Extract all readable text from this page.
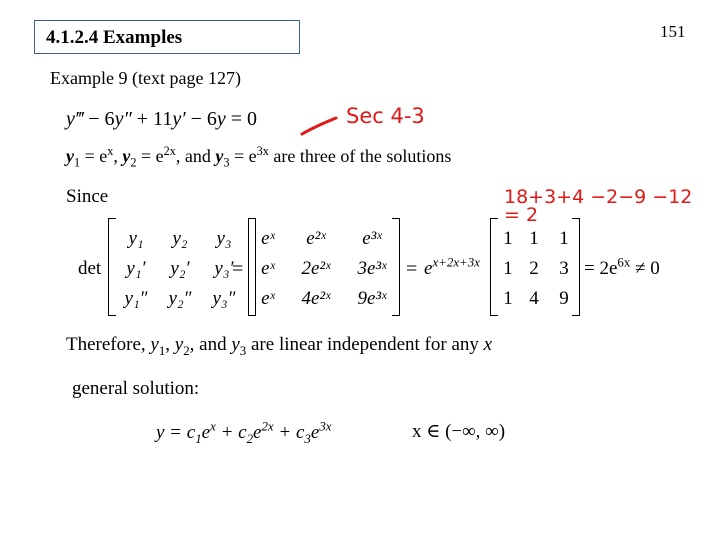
4.1.2.4 Examples	151
Example 9 (text page 127)
y‴ − 6y″ + 11y′ − 6y = 0	Sec 4-3
$y_1 = e^x$, $y_2 = e^{2x}$, and $y_3 = e^{3x}$ are three of the solutions
Since	18+3+4 −2−9 −12
= 2
det
y₁	y₂	y₃
y₁′	y₂′	y₃′
y₁″	y₂″	y₃″
=
eˣ	e²ˣ	e³ˣ
eˣ	2e²ˣ	3e³ˣ
eˣ	4e²ˣ	9e³ˣ
= $e^{x+2x+3x}$
1 1	1
1 2	3
1 4	9
= $2e^{6x} \ne 0$
Therefore, $y_1$, $y_2$, and $y_3$ are linear independent for any x
general solution:
$y = c_1e^x + c_2e^{2x} + c_3e^{3x}$	x ∈ (−∞, ∞)
